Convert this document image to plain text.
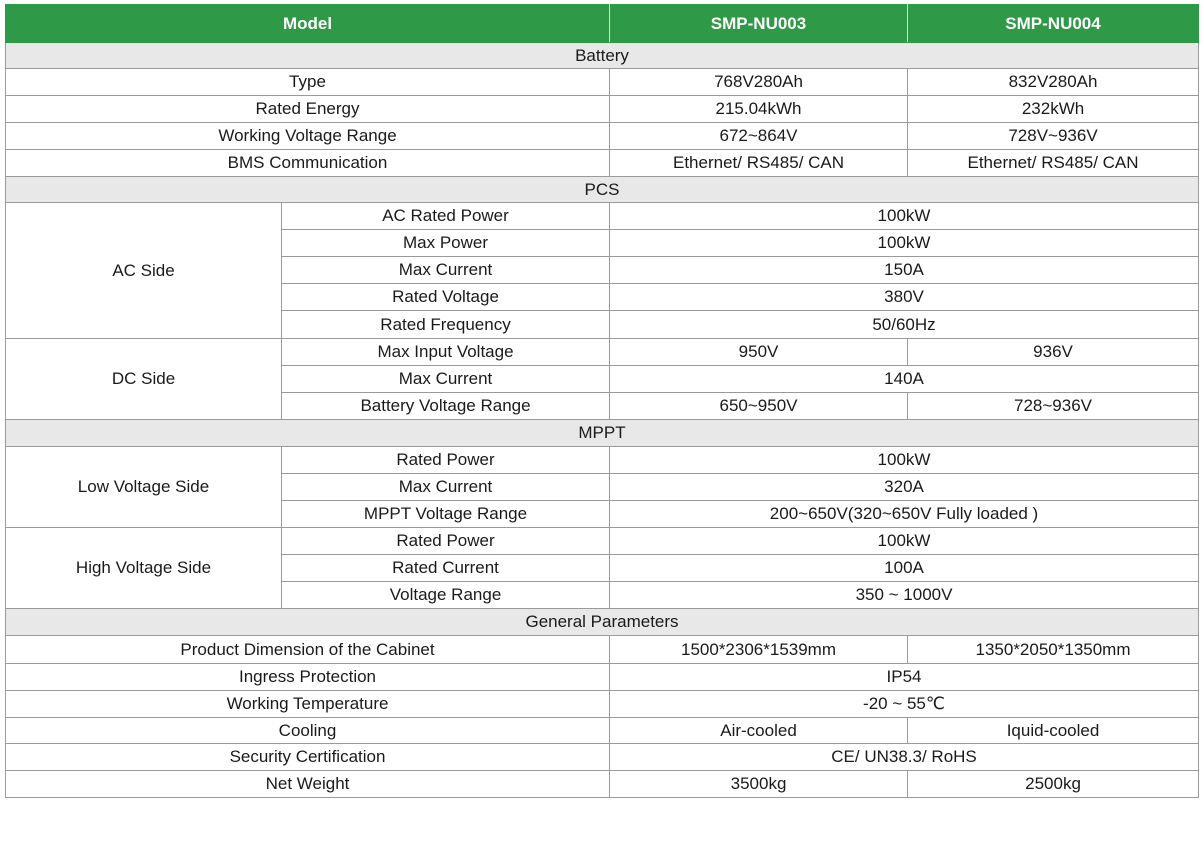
Model		SMP-NU003	SMP-NU004
Battery			
Type		768V280Ah	832V280Ah
Rated Energy		215.04kWh	232kWh
Working Voltage Range		672~864V	728V~936V
BMS Communication		Ethernet/ RS485/ CAN	Ethernet/ RS485/ CAN
PCS			
AC Side	AC Rated Power	100kW	
	Max Power	100kW	
	Max Current	150A	
	Rated Voltage	380V	
	Rated Frequency	50/60Hz	
DC Side	Max Input Voltage	950V	936V
	Max Current	140A	
	Battery Voltage Range	650~950V	728~936V
MPPT			
Low Voltage Side	Rated Power	100kW	
	Max Current	320A	
	MPPT Voltage Range	200~650V(320~650V Fully loaded )	
High Voltage Side	Rated Power	100kW	
	Rated Current	100A	
	Voltage Range	350 ~ 1000V	
General Parameters			
Product Dimension of the Cabinet		1500*2306*1539mm	1350*2050*1350mm
Ingress Protection		IP54	
Working Temperature		-20 ~ 55℃	
Cooling		Air-cooled	Iquid-cooled
Security Certification		CE/ UN38.3/ RoHS	
Net Weight		3500kg	2500kg
